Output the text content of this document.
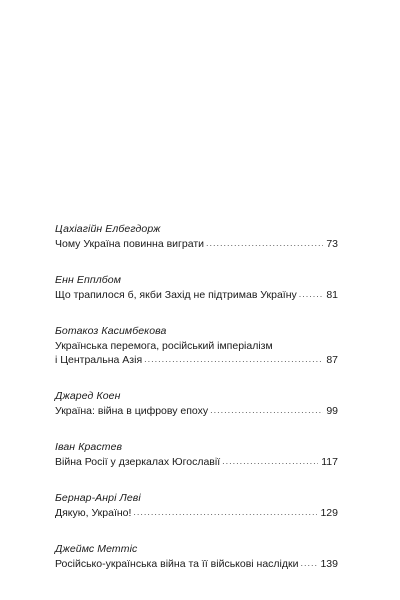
Цахіагійн Елбегдорж
Чому Україна повинна виграти .....	73
Енн Епплбом
Що трапилося б, якби Захід не підтримав Україну .....	81
Ботакоз Касимбекова
Українська перемога, російський імперіалізм
і Центральна Азія .....	87
Джаред Коен
Україна: війна в цифрову епоху .....	99
Іван Крастев
Війна Росії у дзеркалах Югославії .....	117
Бернар-Анрі Леві
Дякую, Україно! .....	129
Джеймс Меттіс
Російсько-українська війна та її військові наслідки ..... 139
